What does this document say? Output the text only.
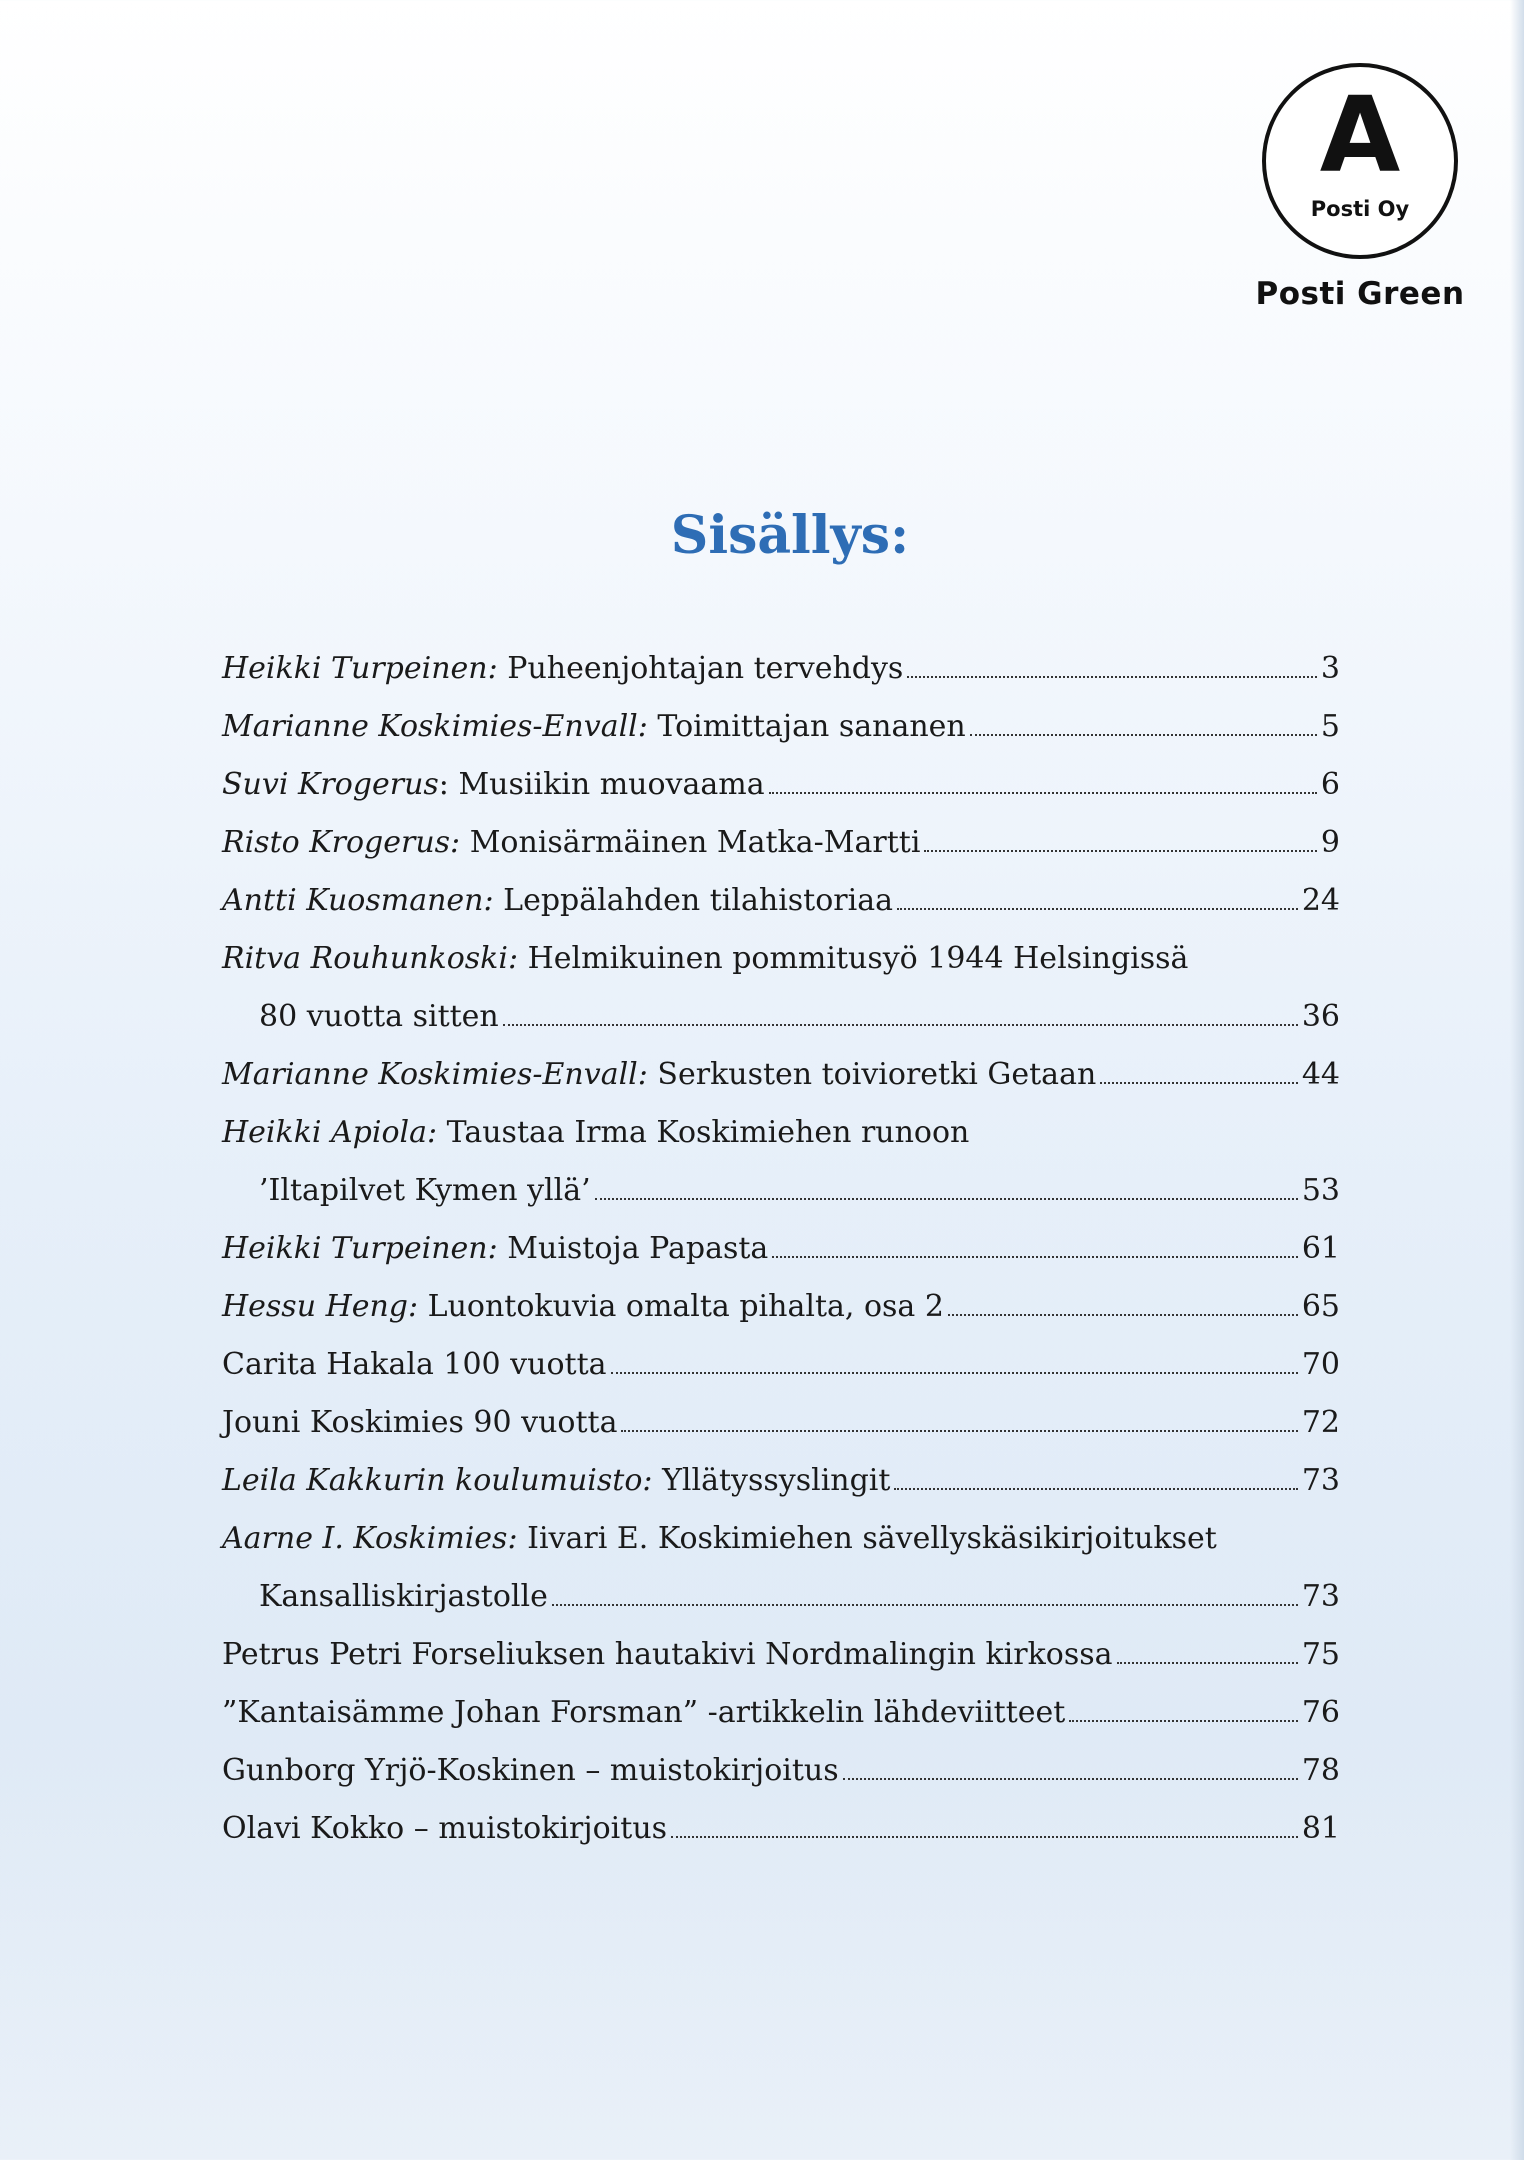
A
Posti Oy
Posti Green
Sisällys:
Heikki Turpeinen: Puheenjohtajan tervehdys	3
Marianne Koskimies-Envall: Toimittajan sananen	5
Suvi Krogerus: Musiikin muovaama	6
Risto Krogerus: Monisärmäinen Matka-Martti	9
Antti Kuosmanen: Leppälahden tilahistoriaa	24
Ritva Rouhunkoski: Helmikuinen pommitusyö 1944 Helsingissä
80 vuotta sitten	36
Marianne Koskimies-Envall: Serkusten toivioretki Getaan	44
Heikki Apiola: Taustaa Irma Koskimiehen runoon
’Iltapilvet Kymen yllä’	53
Heikki Turpeinen: Muistoja Papasta	61
Hessu Heng: Luontokuvia omalta pihalta, osa 2	65
Carita Hakala 100 vuotta	70
Jouni Koskimies 90 vuotta	72
Leila Kakkurin koulumuisto: Yllätyssyslingit	73
Aarne I. Koskimies: Iivari E. Koskimiehen sävellyskäsikirjoitukset
Kansalliskirjastolle	73
Petrus Petri Forseliuksen hautakivi Nordmalingin kirkossa	75
”Kantaisämme Johan Forsman” -artikkelin lähdeviitteet	76
Gunborg Yrjö-Koskinen – muistokirjoitus	78
Olavi Kokko – muistokirjoitus	81
